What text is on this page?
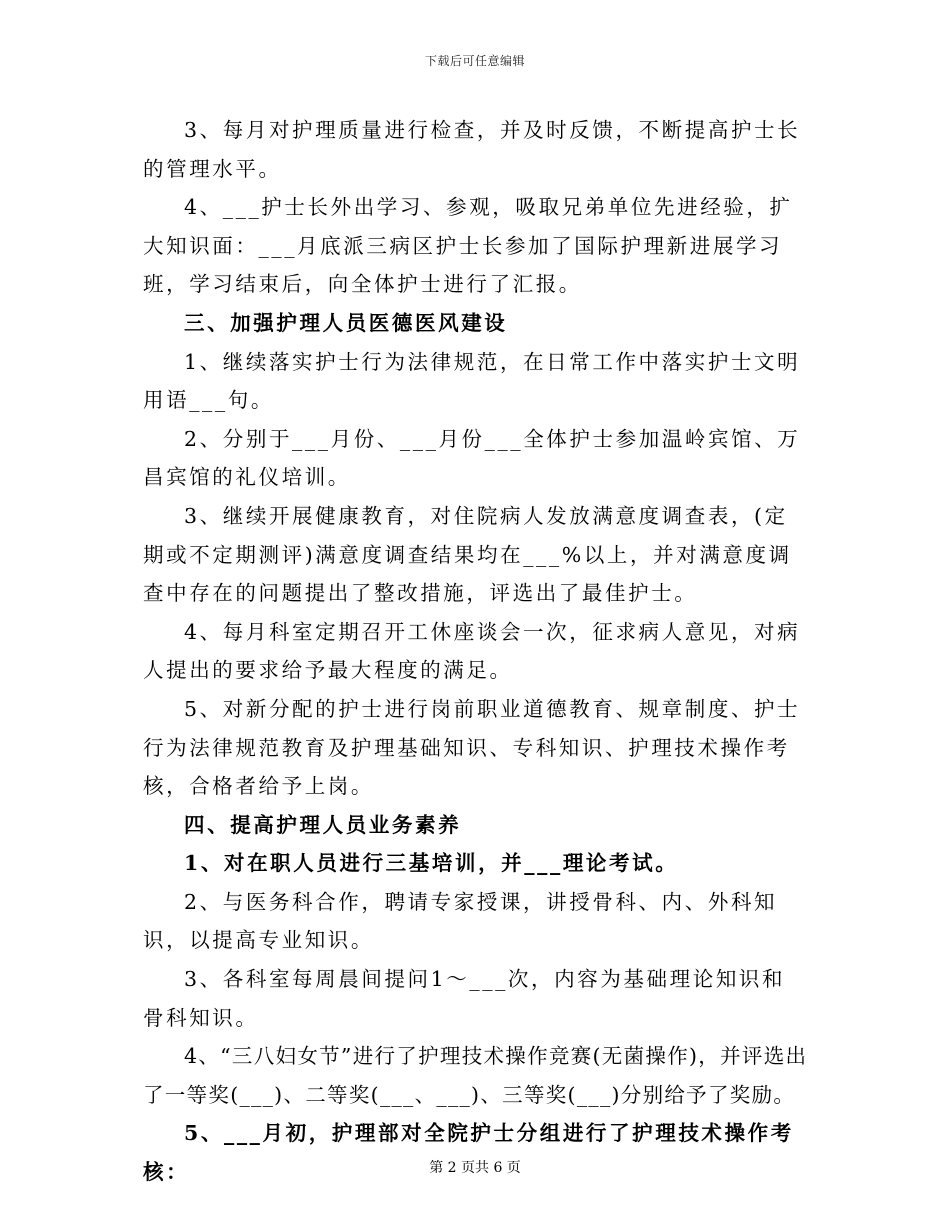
下载后可任意编辑

3、每月对护理质量进行检查，并及时反馈，不断提高护士长的管理水平。

4、___护士长外出学习、参观，吸取兄弟单位先进经验，扩大知识面：___月底派三病区护士长参加了国际护理新进展学习班，学习结束后，向全体护士进行了汇报。

三、加强护理人员医德医风建设

1、继续落实护士行为法律规范，在日常工作中落实护士文明用语___句。

2、分别于___月份、___月份___全体护士参加温岭宾馆、万昌宾馆的礼仪培训。

3、继续开展健康教育，对住院病人发放满意度调查表，(定期或不定期测评)满意度调查结果均在___%以上，并对满意度调查中存在的问题提出了整改措施，评选出了最佳护士。

4、每月科室定期召开工休座谈会一次，征求病人意见，对病人提出的要求给予最大程度的满足。

5、对新分配的护士进行岗前职业道德教育、规章制度、护士行为法律规范教育及护理基础知识、专科知识、护理技术操作考核，合格者给予上岗。

四、提高护理人员业务素养

1、对在职人员进行三基培训，并___理论考试。

2、与医务科合作，聘请专家授课，讲授骨科、内、外科知识，以提高专业知识。

3、各科室每周晨间提问1～___次，内容为基础理论知识和骨科知识。

4、“三八妇女节”进行了护理技术操作竞赛(无菌操作)，并评选出了一等奖(___)、二等奖(___、___)、三等奖(___)分别给予了奖励。

5、___月初，护理部对全院护士分组进行了护理技术操作考核：	第 2 页共 6 页
